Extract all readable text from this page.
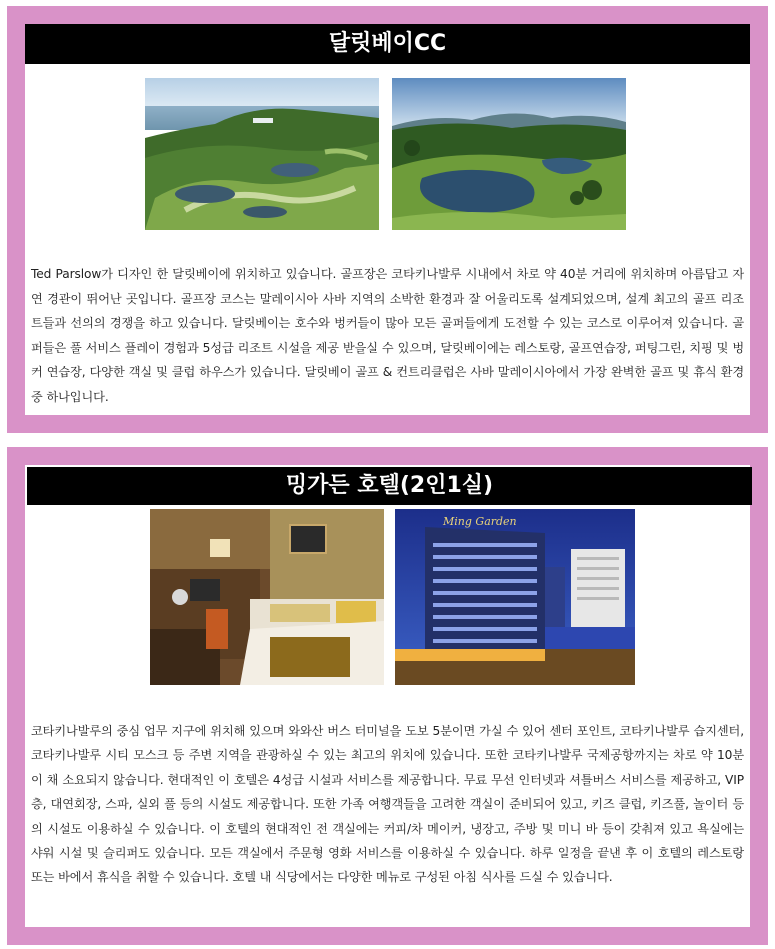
달릿베이CC
Ted Parslow가 디자인 한 달릿베이에 위치하고 있습니다. 골프장은 코타키나발루 시내에서 차로 약 40분 거리에 위치하며 아름답고 자연 경관이 뛰어난 곳입니다. 골프장 코스는 말레이시아 사바 지역의 소박한 환경과 잘 어울리도록 설계되었으며, 설계 최고의 골프 리조트들과 선의의 경쟁을 하고 있습니다. 달릿베이는 호수와 벙커들이 많아 모든 골퍼들에게 도전할 수 있는 코스로 이루어져 있습니다. 골퍼들은 풀 서비스 플레이 경험과 5성급 리조트 시설을 제공 받을실 수 있으며, 달릿베이에는 레스토랑, 골프연습장, 퍼팅그린, 치핑 및 벙커 연습장, 다양한 객실 및 클럽 하우스가 있습니다. 달릿베이 골프 & 컨트리클럽은 사바 말레이시아에서 가장 완벽한 골프 및 휴식 환경 중 하나입니다.
밍가든 호텔(2인1실)
Ming Garden
코타키나발루의 중심 업무 지구에 위치해 있으며 와와산 버스 터미널을 도보 5분이면 가실 수 있어 센터 포인트, 코타키나발루 습지센터, 코타키나발루 시티 모스크 등 주변 지역을 관광하실 수 있는 최고의 위치에 있습니다. 또한 코타키나발루 국제공항까지는 차로 약 10분이 채 소요되지 않습니다. 현대적인 이 호텔은 4성급 시설과 서비스를 제공합니다. 무료 무선 인터넷과 셔틀버스 서비스를 제공하고, VIP 층, 대연회장, 스파, 실외 풀 등의 시설도 제공합니다. 또한 가족 여행객들을 고려한 객실이 준비되어 있고, 키즈 클럽, 키즈풀, 놀이터 등의 시설도 이용하실 수 있습니다. 이 호텔의 현대적인 전 객실에는 커피/차 메이커, 냉장고, 주방 및 미니 바 등이 갖춰져 있고 욕실에는 샤워 시설 및 슬리퍼도 있습니다. 모든 객실에서 주문형 영화 서비스를 이용하실 수 있습니다. 하루 일정을 끝낸 후 이 호텔의 레스토랑 또는 바에서 휴식을 취할 수 있습니다. 호텔 내 식당에서는 다양한 메뉴로 구성된 아침 식사를 드실 수 있습니다.
